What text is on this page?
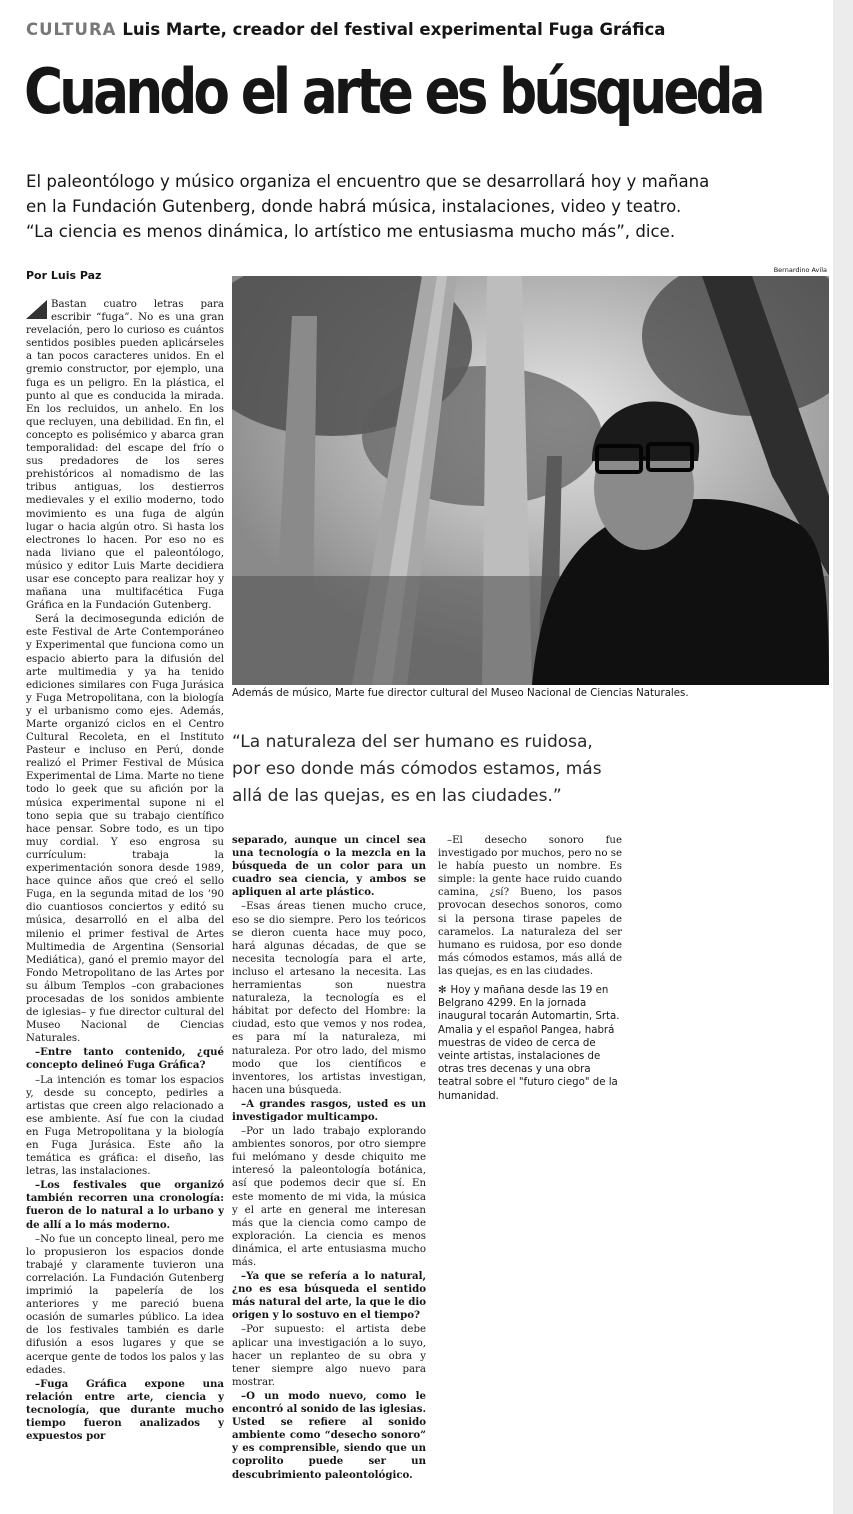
CULTURA Luis Marte, creador del festival experimental Fuga Gráfica
Cuando el arte es búsqueda
El paleontólogo y músico organiza el encuentro que se desarrollará hoy y mañana
en la Fundación Gutenberg, donde habrá música, instalaciones, video y teatro.
“La ciencia es menos dinámica, lo artístico me entusiasma mucho más”, dice.
Por Luis Paz	Bernardino Avila
Además de músico, Marte fue director cultural del Museo Nacional de Ciencias Naturales.
“La naturaleza del ser humano es ruidosa,
por eso donde más cómodos estamos, más
allá de las quejas, es en las ciudades.”

Bastan cuatro letras para escribir “fuga”. No es una gran revelación, pero lo curioso es cuántos sentidos posibles pueden aplicárseles a tan pocos caracteres unidos. En el gremio constructor, por ejemplo, una fuga es un peligro. En la plástica, el punto al que es conducida la mirada. En los recluidos, un anhelo. En los que recluyen, una debilidad. En fin, el concepto es polisémico y abarca gran temporalidad: del escape del frío o sus predadores de los seres prehistóricos al nomadismo de las tribus antiguas, los destierros medievales y el exilio moderno, todo movimiento es una fuga de algún lugar o hacia algún otro. Si hasta los electrones lo hacen. Por eso no es nada liviano que el paleontólogo, músico y editor Luis Marte decidiera usar ese concepto para realizar hoy y mañana una multifacética Fuga Gráfica en la Fundación Gutenberg.

Será la decimosegunda edición de este Festival de Arte Contemporáneo y Experimental que funciona como un espacio abierto para la difusión del arte multimedia y ya ha tenido ediciones similares con Fuga Jurásica y Fuga Metropolitana, con la biología y el urbanismo como ejes. Además, Marte organizó ciclos en el Centro Cultural Recoleta, en el Instituto Pasteur e incluso en Perú, donde realizó el Primer Festival de Música Experimental de Lima. Marte no tiene todo lo geek que su afición por la música experimental supone ni el tono sepia que su trabajo científico hace pensar. Sobre todo, es un tipo muy cordial. Y eso engrosa su currículum: trabaja la experimentación sonora desde 1989, hace quince años que creó el sello Fuga, en la segunda mitad de los ’90 dio cuantiosos conciertos y editó su música, desarrolló en el alba del milenio el primer festival de Artes Multimedia de Argentina (Sensorial Mediática), ganó el premio mayor del Fondo Metropolitano de las Artes por su álbum Templos –con grabaciones procesadas de los sonidos ambiente de iglesias– y fue director cultural del Museo Nacional de Ciencias Naturales.

–Entre tanto contenido, ¿qué concepto delineó Fuga Gráfica?

–La intención es tomar los espacios y, desde su concepto, pedirles a artistas que creen algo relacionado a ese ambiente. Así fue con la ciudad en Fuga Metropolitana y la biología en Fuga Jurásica. Este año la temática es gráfica: el diseño, las letras, las instalaciones.

–Los festivales que organizó también recorren una cronología: fueron de lo natural a lo urbano y de allí a lo más moderno.

–No fue un concepto lineal, pero me lo propusieron los espacios donde trabajé y claramente tuvieron una correlación. La Fundación Gutenberg imprimió la papelería de los anteriores y me pareció buena ocasión de sumarles público. La idea de los festivales también es darle difusión a esos lugares y que se acerque gente de todos los palos y las edades.

–Fuga Gráfica expone una relación entre arte, ciencia y tecnología, que durante mucho tiempo fueron analizados y expuestos por

separado, aunque un cincel sea una tecnología o la mezcla en la búsqueda de un color para un cuadro sea ciencia, y ambos se apliquen al arte plástico.

–Esas áreas tienen mucho cruce, eso se dio siempre. Pero los teóricos se dieron cuenta hace muy poco, hará algunas décadas, de que se necesita tecnología para el arte, incluso el artesano la necesita. Las herramientas son nuestra naturaleza, la tecnología es el hábitat por defecto del Hombre: la ciudad, esto que vemos y nos rodea, es para mí la naturaleza, mi naturaleza. Por otro lado, del mismo modo que los científicos e inventores, los artistas investigan, hacen una búsqueda.

–A grandes rasgos, usted es un investigador multicampo.

–Por un lado trabajo explorando ambientes sonoros, por otro siempre fui melómano y desde chiquito me interesó la paleontología botánica, así que podemos decir que sí. En este momento de mi vida, la música y el arte en general me interesan más que la ciencia como campo de exploración. La ciencia es menos dinámica, el arte entusiasma mucho más.

–Ya que se refería a lo natural, ¿no es esa búsqueda el sentido más natural del arte, la que le dio origen y lo sostuvo en el tiempo?

–Por supuesto: el artista debe aplicar una investigación a lo suyo, hacer un replanteo de su obra y tener siempre algo nuevo para mostrar.

–O un modo nuevo, como le encontró al sonido de las iglesias. Usted se refiere al sonido ambiente como “desecho sonoro” y es comprensible, siendo que un coprolito puede ser un descubrimiento paleontológico.

–El desecho sonoro fue investigado por muchos, pero no se le había puesto un nombre. Es simple: la gente hace ruido cuando camina, ¿sí? Bueno, los pasos provocan desechos sonoros, como si la persona tirase papeles de caramelos. La naturaleza del ser humano es ruidosa, por eso donde más cómodos estamos, más allá de las quejas, es en las ciudades.

✻ Hoy y mañana desde las 19 en Belgrano 4299. En la jornada inaugural tocarán Automartin, Srta. Amalia y el español Pangea, habrá muestras de video de cerca de veinte artistas, instalaciones de otras tres decenas y una obra teatral sobre el "futuro ciego" de la humanidad.
